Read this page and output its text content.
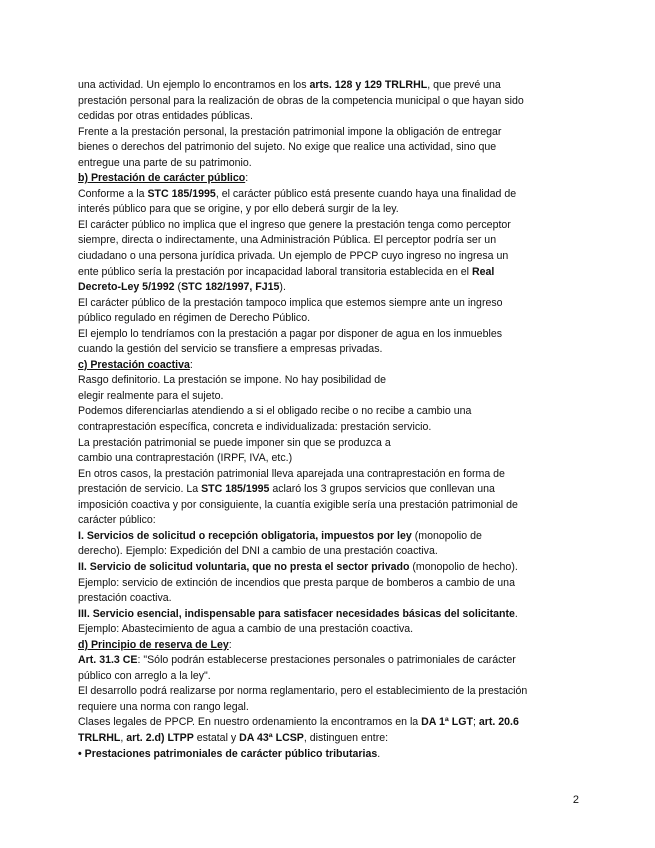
una actividad. Un ejemplo lo encontramos en los arts. 128 y 129 TRLRHL, que prevé una
prestación personal para la realización de obras de la competencia municipal o que hayan sido
cedidas por otras entidades públicas.
Frente a la prestación personal, la prestación patrimonial impone la obligación de entregar
bienes o derechos del patrimonio del sujeto. No exige que realice una actividad, sino que
entregue una parte de su patrimonio.
b) Prestación de carácter público:
Conforme a la STC 185/1995, el carácter público está presente cuando haya una finalidad de
interés público para que se origine, y por ello deberá surgir de la ley.
El carácter público no implica que el ingreso que genere la prestación tenga como perceptor
siempre, directa o indirectamente, una Administración Pública. El perceptor podría ser un
ciudadano o una persona jurídica privada. Un ejemplo de PPCP cuyo ingreso no ingresa un
ente público sería la prestación por incapacidad laboral transitoria establecida en el Real
Decreto-Ley 5/1992 (STC 182/1997, FJ15).
El carácter público de la prestación tampoco implica que estemos siempre ante un ingreso
público regulado en régimen de Derecho Público.
El ejemplo lo tendríamos con la prestación a pagar por disponer de agua en los inmuebles
cuando la gestión del servicio se transfiere a empresas privadas.
c) Prestación coactiva:
Rasgo definitorio. La prestación se impone. No hay posibilidad de
elegir realmente para el sujeto.
Podemos diferenciarlas atendiendo a si el obligado recibe o no recibe a cambio una
contraprestación específica, concreta e individualizada: prestación servicio.
La prestación patrimonial se puede imponer sin que se produzca a
cambio una contraprestación (IRPF, IVA, etc.)
En otros casos, la prestación patrimonial lleva aparejada una contraprestación en forma de
prestación de servicio. La STC 185/1995 aclaró los 3 grupos servicios que conllevan una
imposición coactiva y por consiguiente, la cuantía exigible sería una prestación patrimonial de
carácter público:
I. Servicios de solicitud o recepción obligatoria, impuestos por ley (monopolio de
derecho). Ejemplo: Expedición del DNI a cambio de una prestación coactiva.
II. Servicio de solicitud voluntaria, que no presta el sector privado (monopolio de hecho).
Ejemplo: servicio de extinción de incendios que presta parque de bomberos a cambio de una
prestación coactiva.
III. Servicio esencial, indispensable para satisfacer necesidades básicas del solicitante.
Ejemplo: Abastecimiento de agua a cambio de una prestación coactiva.
d) Principio de reserva de Ley:
Art. 31.3 CE: "Sólo podrán establecerse prestaciones personales o patrimoniales de carácter
público con arreglo a la ley".
El desarrollo podrá realizarse por norma reglamentario, pero el establecimiento de la prestación
requiere una norma con rango legal.
Clases legales de PPCP. En nuestro ordenamiento la encontramos en la DA 1ª LGT; art. 20.6
TRLRHL, art. 2.d) LTPP estatal y DA 43ª LCSP, distinguen entre:
• Prestaciones patrimoniales de carácter público tributarias.
2
